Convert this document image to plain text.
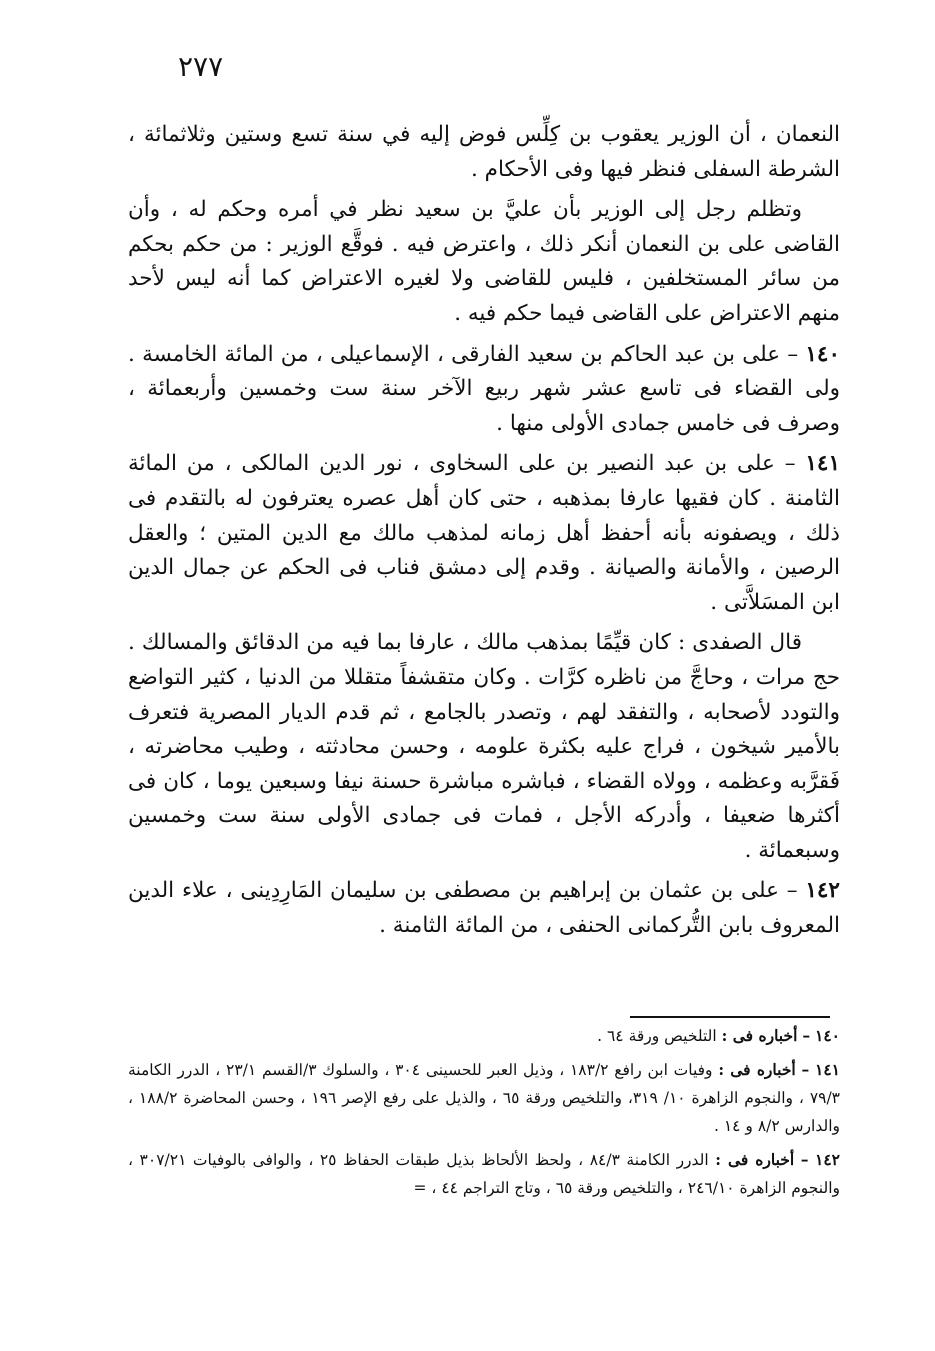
٢٧٧

النعمان ، أن الوزير يعقوب بن كِلِّس فوض إليه في سنة تسع وستين وثلاثمائة ، الشرطة السفلى فنظر فيها وفى الأحكام .

وتظلم رجل إلى الوزير بأن عليَّ بن سعيد نظر في أمره وحكم له ، وأن القاضى على بن النعمان أنكر ذلك ، واعترض فيه . فوقَّع الوزير : من حكم بحكم من سائر المستخلفين ، فليس للقاضى ولا لغيره الاعتراض كما أنه ليس لأحد منهم الاعتراض على القاضى فيما حكم فيه .

١٤٠ – على بن عبد الحاكم بن سعيد الفارقى ، الإسماعيلى ، من المائة الخامسة . ولى القضاء فى تاسع عشر شهر ربيع الآخر سنة ست وخمسين وأربعمائة ، وصرف فى خامس جمادى الأولى منها .

١٤١ – على بن عبد النصير بن على السخاوى ، نور الدين المالكى ، من المائة الثامنة . كان فقيها عارفا بمذهبه ، حتى كان أهل عصره يعترفون له بالتقدم فى ذلك ، ويصفونه بأنه أحفظ أهل زمانه لمذهب مالك مع الدين المتين ؛ والعقل الرصين ، والأمانة والصيانة . وقدم إلى دمشق فناب فى الحكم عن جمال الدين ابن المسَلاَّتى .

قال الصفدى : كان قيِّمًا بمذهب مالك ، عارفا بما فيه من الدقائق والمسالك . حج مرات ، وحاجَّ من ناظره كرَّات . وكان متقشفاً متقللا من الدنيا ، كثير التواضع والتودد لأصحابه ، والتفقد لهم ، وتصدر بالجامع ، ثم قدم الديار المصرية فتعرف بالأمير شيخون ، فراج عليه بكثرة علومه ، وحسن محادثته ، وطيب محاضرته ، فَقرَّبه وعظمه ، وولاه القضاء ، فباشره مباشرة حسنة نيفا وسبعين يوما ، كان فى أكثرها ضعيفا ، وأدركه الأجل ، فمات فى جمادى الأولى سنة ست وخمسين وسبعمائة .

١٤٢ – على بن عثمان بن إبراهيم بن مصطفى بن سليمان المَارِدِينى ، علاء الدين المعروف بابن التُّركمانى الحنفى ، من المائة الثامنة .

١٤٠ – أخباره فى : التلخيص ورقة ٦٤ .

١٤١ – أخباره فى : وفيات ابن رافع ١٨٣/٢ ، وذيل العبر للحسينى ٣٠٤ ، والسلوك ٣/القسم ٢٣/١ ، الدرر الكامنة ٧٩/٣ ، والنجوم الزاهرة ١٠/ ٣١٩، والتلخيص ورقة ٦٥ ، والذيل على رفع الإصر ١٩٦ ، وحسن المحاضرة ١٨٨/٢ ، والدارس ٨/٢ و ١٤ .

١٤٢ – أخباره فى : الدرر الكامنة ٨٤/٣ ، ولحظ الألحاظ بذيل طبقات الحفاظ ٢٥ ، والوافى بالوفيات ٣٠٧/٢١ ، والنجوم الزاهرة ٢٤٦/١٠ ، والتلخيص ورقة ٦٥ ، وتاج التراجم ٤٤ ، =
